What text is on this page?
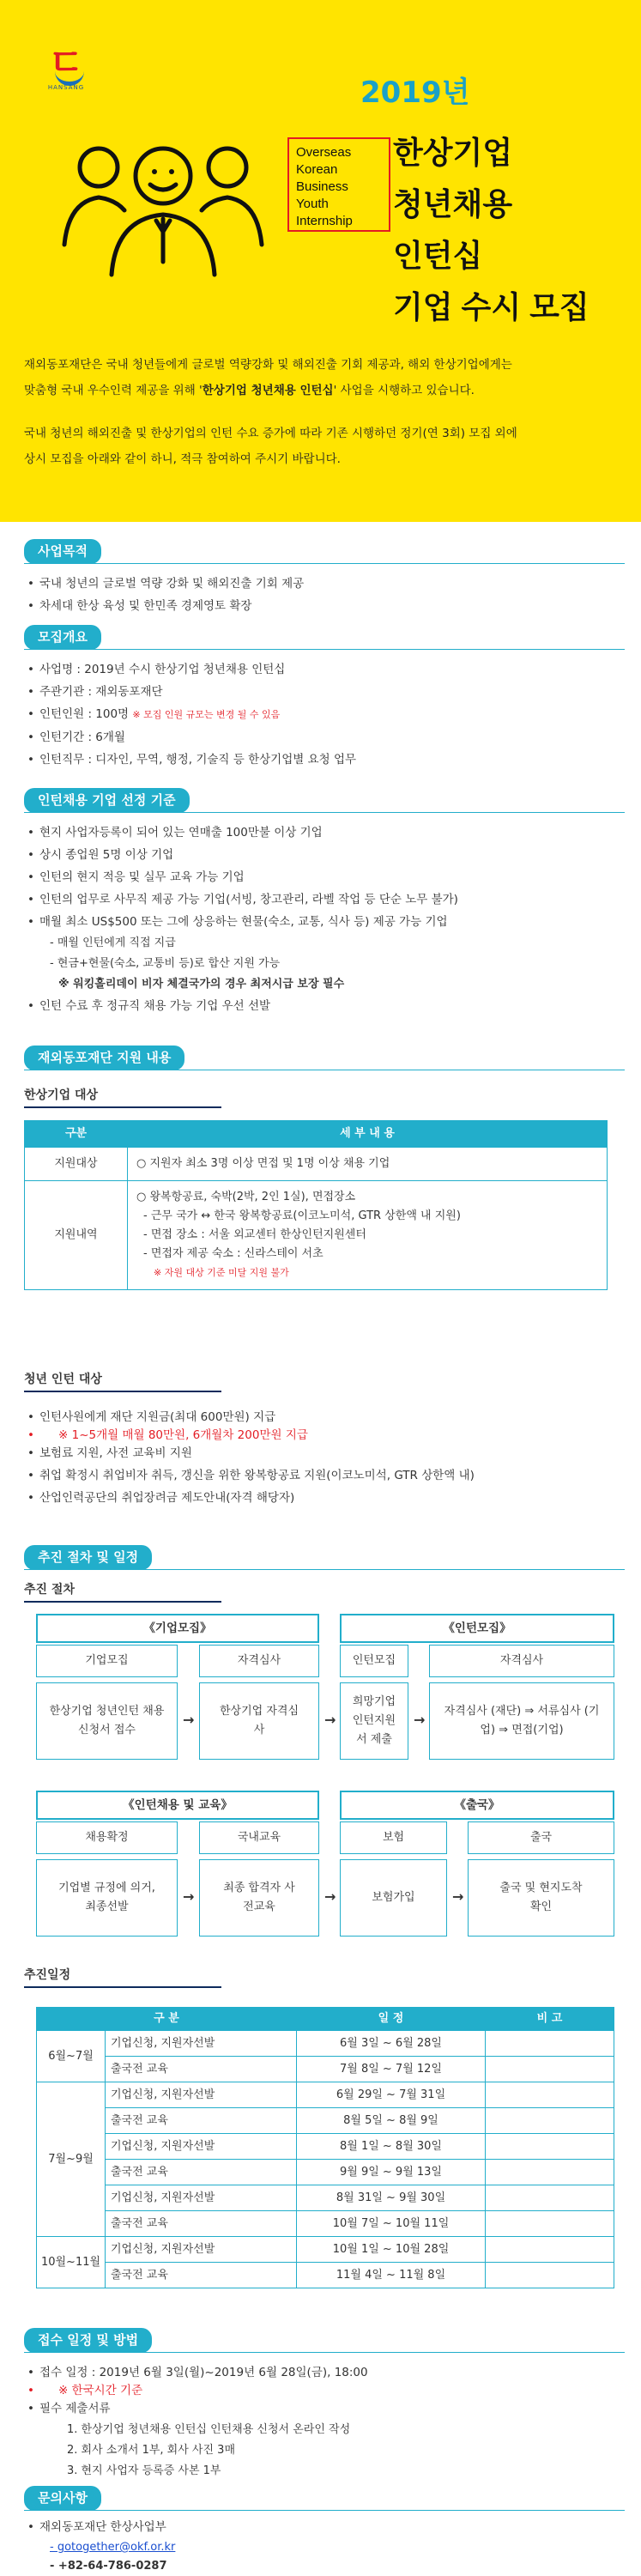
ㄷ
HANSANG	2019년
Overseas
Korean
Business
Youth
Internship
한상기업
청년채용
인턴십
기업 수시 모집
재외동포재단은 국내 청년들에게 글로벌 역량강화 및 해외진출 기회 제공과, 해외 한상기업에게는
맞춤형 국내 우수인력 제공을 위해 '한상기업 청년채용 인턴십' 사업을 시행하고 있습니다.
국내 청년의 해외진출 및 한상기업의 인턴 수요 증가에 따라 기존 시행하던 정기(연 3회) 모집 외에
상시 모집을 아래와 같이 하니, 적극 참여하여 주시기 바랍니다.
사업목적
• 국내 청년의 글로벌 역량 강화 및 해외진출 기회 제공
• 차세대 한상 육성 및 한민족 경제영토 확장
모집개요
• 사업명 : 2019년 수시 한상기업 청년채용 인턴십
• 주관기관 : 재외동포재단
• 인턴인원 : 100명 ※ 모집 인원 규모는 변경 될 수 있음
• 인턴기간 : 6개월
• 인턴직무 : 디자인, 무역, 행정, 기술직 등 한상기업별 요청 업무
인턴채용 기업 선정 기준
• 현지 사업자등록이 되어 있는 연매출 100만불 이상 기업
• 상시 종업원 5명 이상 기업
• 인턴의 현지 적응 및 실무 교육 가능 기업
• 인턴의 업무로 사무직 제공 가능 기업(서빙, 창고관리, 라벨 작업 등 단순 노무 불가)
• 매월 최소 US$500 또는 그에 상응하는 현물(숙소, 교통, 식사 등) 제공 가능 기업
- 매월 인턴에게 직접 지급
- 현금+현물(숙소, 교통비 등)로 합산 지원 가능
※ 워킹홀리데이 비자 체결국가의 경우 최저시급 보장 필수
• 인턴 수료 후 정규직 채용 가능 기업 우선 선발
재외동포재단 지원 내용
한상기업 대상
구분	세 부 내 용
지원대상	○ 지원자 최소 3명 이상 면접 및 1명 이상 채용 기업
지원내역	○ 왕복항공료, 숙박(2박, 2인 1실), 면접장소
- 근무 국가 ↔ 한국 왕복항공료(이코노미석, GTR 상한액 내 지원)
- 면접 장소 : 서울 외교센터 한상인턴지원센터
- 면접자 제공 숙소 : 신라스테이 서초
※ 자원 대상 기준 미달 지원 불가
청년 인턴 대상
• 인턴사원에게 재단 지원금(최대 600만원) 지급
• ※ 1~5개월 매월 80만원, 6개월차 200만원 지급
• 보험료 지원, 사전 교육비 지원
• 취업 확정시 취업비자 취득, 갱신을 위한 왕복항공료 지원(이코노미석, GTR 상한액 내)
• 산업인력공단의 취업장려금 제도안내(자격 해당자)
추진 절차 및 일정
추진 절차
《기업모집》	《인턴모집》
기업모집	자격심사
한상기업 청년인턴 채용 신청서 접수
→
한상기업 자격심사
→
인턴모집	자격심사
희망기업 인턴지원서 제출
→
자격심사 (재단) ⇒ 서류심사 (기업) ⇒ 면접(기업)
《인턴채용 및 교육》	《출국》
채용확정	국내교육
기업별 규정에 의거, 최종선발
→
최종 합격자 사전교육
→
보험	출국
보험가입	→
출국 및 현지도착 확인
추진일정
구 분		일 정	비 고
6월~7월	기업신청, 지원자선발	6월 3일 ~ 6월 28일	
	출국전 교육	7월 8일 ~ 7월 12일	
7월~9월	기업신청, 지원자선발	6월 29일 ~ 7월 31일	
	출국전 교육	8월 5일 ~ 8월 9일	
	기업신청, 지원자선발	8월 1일 ~ 8월 30일	
	출국전 교육	9월 9일 ~ 9월 13일	
	기업신청, 지원자선발	8월 31일 ~ 9월 30일	
	출국전 교육	10월 7일 ~ 10월 11일	
10월~11월	기업신청, 지원자선발	10월 1일 ~ 10월 28일	
	출국전 교육	11월 4일 ~ 11월 8일	
접수 일정 및 방법
• 접수 일정 : 2019년 6월 3일(월)~2019년 6월 28일(금), 18:00
• ※ 한국시간 기준
• 필수 제출서류
1. 한상기업 청년채용 인턴십 인턴채용 신청서 온라인 작성
2. 회사 소개서 1부, 회사 사진 3매
3. 현지 사업자 등록증 사본 1부
문의사항
• 재외동포재단 한상사업부
- gotogether@okf.or.kr
- +82-64-786-0287
